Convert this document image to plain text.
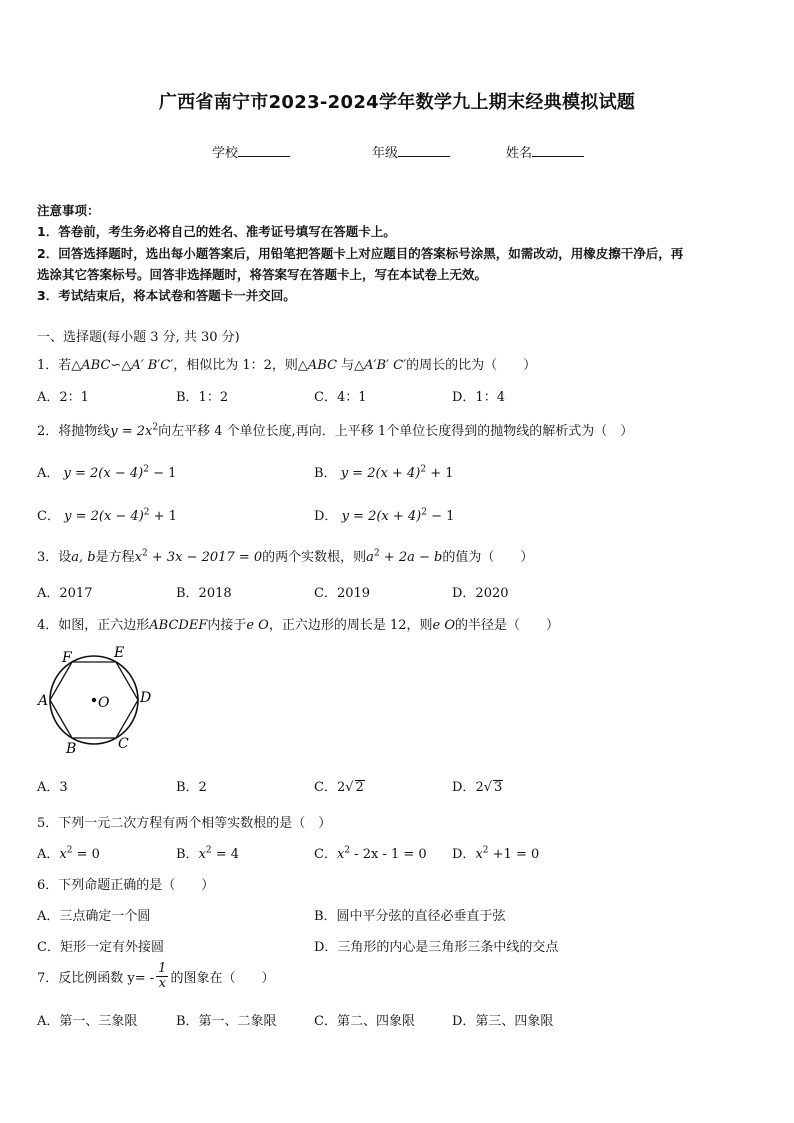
广西省南宁市2023-2024学年数学九上期末经典模拟试题
学校	年级	姓名
注意事项：
1．答卷前，考生务必将自己的姓名、准考证号填写在答题卡上。
2．回答选择题时，选出每小题答案后，用铅笔把答题卡上对应题目的答案标号涂黑，如需改动，用橡皮擦干净后，再
选涂其它答案标号。回答非选择题时，将答案写在答题卡上，写在本试卷上无效。
3．考试结束后，将本试卷和答题卡一并交回。
一、选择题(每小题 3 分, 共 30 分)
1．若△ABC∽△A′ B′C′，相似比为 1：2，则△ABC 与△A′B′ C′的周长的比为（　　）
A．2：1	B．1：2	C．4：1	D．1：4
2．将抛物线$y = 2x^2$向左平移 4 个单位长度,再向．上平移 1个单位长度得到的抛物线的解析式为（　）
A． $y = 2(x - 4)^2 - 1$	B． $y = 2(x + 4)^2 + 1$
C． $y = 2(x - 4)^2 + 1$	D． $y = 2(x + 4)^2 - 1$
3．设a, b是方程$x^2 + 3x - 2017 = 0$的两个实数根，则$a^2 + 2a - b$的值为（　　）
A．2017	B．2018	C．2019	D．2020
4．如图，正六边形ABCDEF内接于e O，正六边形的周长是 12，则e O的半径是（　　）
O
A
B	C
D
E
F
A．3	B．2	C．2√ 2	D．2√ 3
5．下列一元二次方程有两个相等实数根的是（　）
A．$x^2 = 0$	B．$x^2 = 4$	C．$x^2 - 2x - 1 = 0$ D．$x^2 +1 = 0$
6．下列命题正确的是（　　）
A．三点确定一个圆	B．圆中平分弦的直径必垂直于弦
C．矩形一定有外接圆	D．三角形的内心是三角形三条中线的交点
7．反比例函数 $y= - \frac{1}{x}$ 的图象在（　　）
A．第一、三象限	B．第一、二象限	C．第二、四象限	D．第三、四象限
